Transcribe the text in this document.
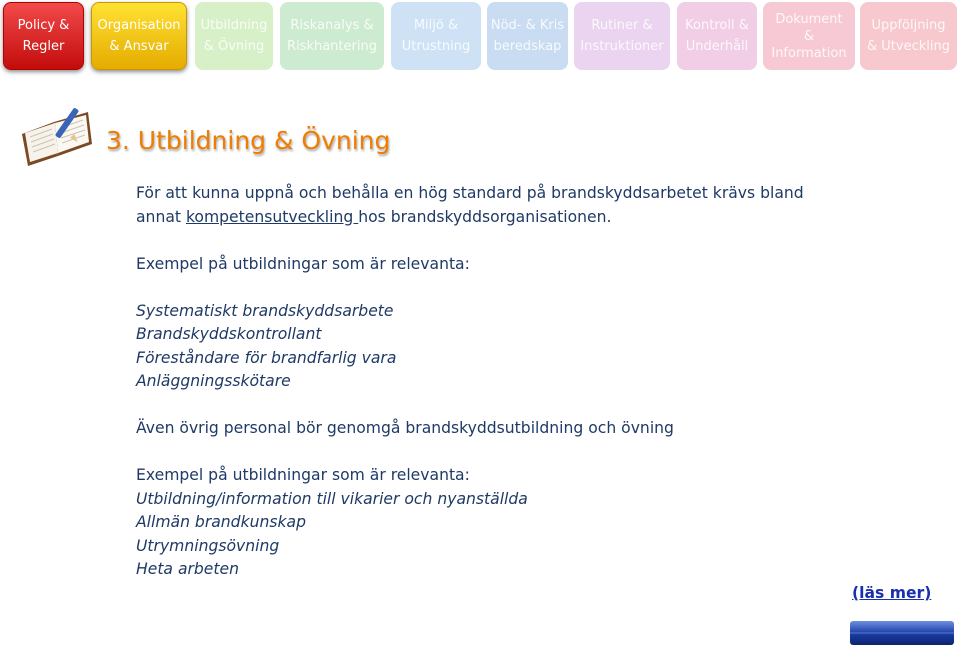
Policy &
Regler
Organisation
& Ansvar
Utbildning
& Övning
Riskanalys &
Riskhantering
Miljö &
Utrustning
Nöd- & Kris
beredskap
Rutiner &
Instruktioner
Kontroll &
Underhåll
Dokument
&
Information
Uppföljning
& Utveckling
3. Utbildning & Övning
För att kunna uppnå och behålla en hög standard på brandskyddsarbetet krävs bland
annat kompetensutveckling hos brandskyddsorganisationen.
Exempel på utbildningar som är relevanta:
Systematiskt brandskyddsarbete
Brandskyddskontrollant
Föreståndare för brandfarlig vara
Anläggningsskötare
Även övrig personal bör genomgå brandskyddsutbildning och övning
Exempel på utbildningar som är relevanta:
Utbildning/information till vikarier och nyanställda
Allmän brandkunskap
Utrymningsövning
Heta arbeten
(läs mer)
